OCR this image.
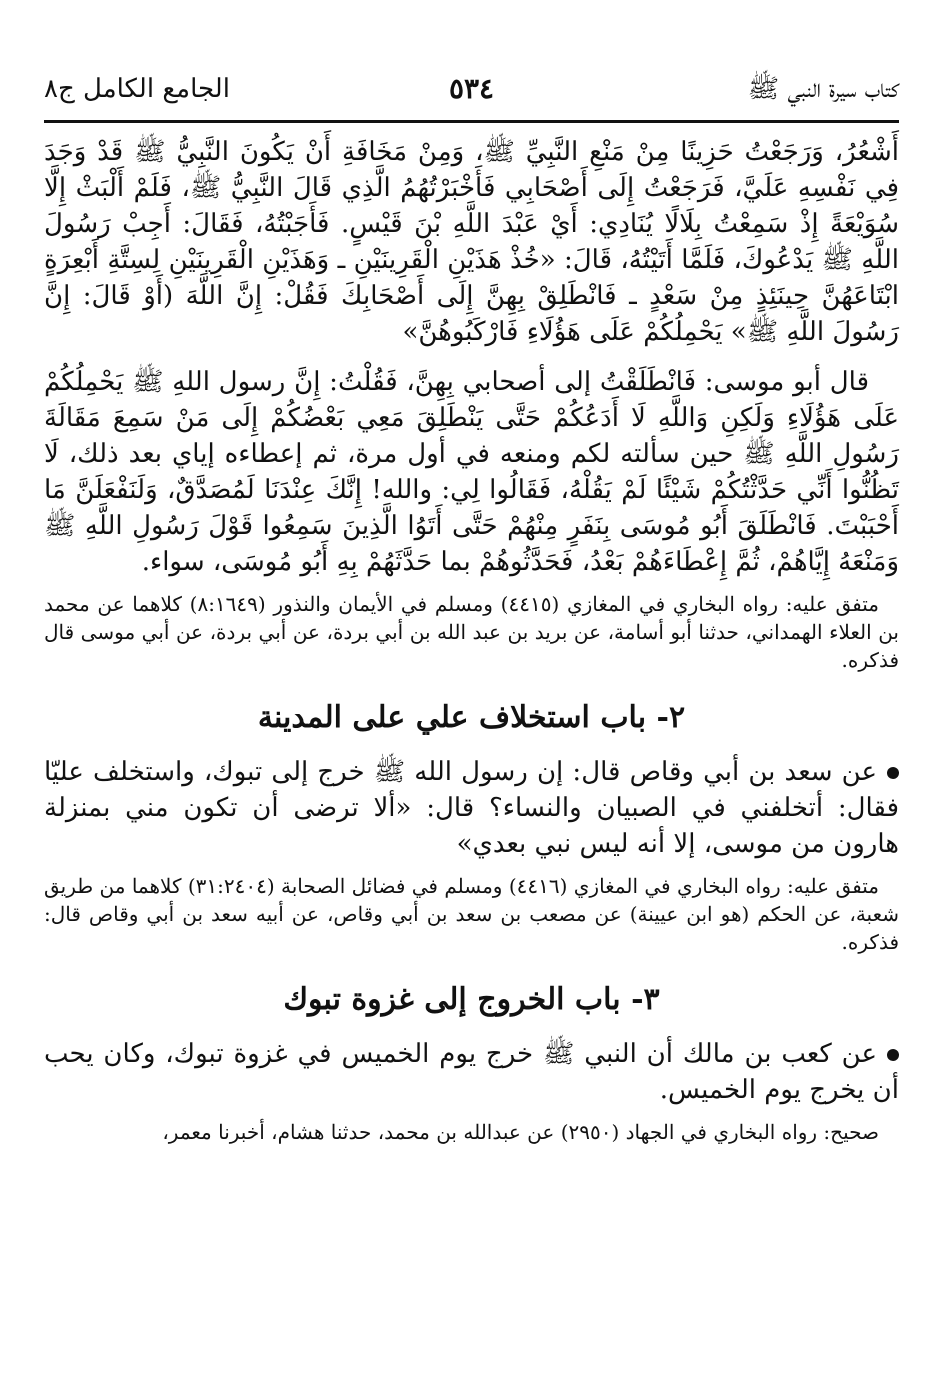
الجامع الكامل ج٨	٥٣٤	كتاب سيرة النبي ﷺ

أَشْعُرُ، وَرَجَعْتُ حَزِينًا مِنْ مَنْعِ النَّبِيِّ ﷺ، وَمِنْ مَخَافَةِ أَنْ يَكُونَ النَّبِيُّ ﷺ قَدْ وَجَدَ فِي نَفْسِهِ عَلَيَّ، فَرَجَعْتُ إِلَى أَصْحَابِي فَأَخْبَرْتُهُمُ الَّذِي قَالَ النَّبِيُّ ﷺ، فَلَمْ أَلْبَثْ إِلَّا سُوَيْعَةً إِذْ سَمِعْتُ بِلَالًا يُنَادِي: أَيْ عَبْدَ اللَّهِ بْنَ قَيْسٍ. فَأَجَبْتُهُ، فَقَالَ: أَجِبْ رَسُولَ اللَّهِ ﷺ يَدْعُوكَ، فَلَمَّا أَتَيْتُهُ، قَالَ: «خُذْ هَذَيْنِ الْقَرِينَيْنِ ـ وَهَذَيْنِ الْقَرِينَيْنِ لِسِتَّةِ أَبْعِرَةٍ ابْتَاعَهُنَّ حِينَئِذٍ مِنْ سَعْدٍ ـ فَانْطَلِقْ بِهِنَّ إِلَى أَصْحَابِكَ فَقُلْ: إِنَّ اللَّهَ (أَوْ قَالَ: إِنَّ رَسُولَ اللَّهِ ﷺ» يَحْمِلُكُمْ عَلَى هَؤُلَاءِ فَارْكَبُوهُنَّ»

قال أبو موسى: فَانْطَلَقْتُ إلى أصحابي بِهِنَّ، فَقُلْتُ: إِنَّ رسول اللهِ ﷺ يَحْمِلُكُمْ عَلَى هَؤُلَاءِ وَلَكِنِ وَاللَّهِ لَا أَدَعُكُمْ حَتَّى يَنْطَلِقَ مَعِي بَعْضُكُمْ إِلَى مَنْ سَمِعَ مَقَالَةَ رَسُولِ اللَّهِ ﷺ حين سألته لكم ومنعه في أول مرة، ثم إعطاءه إياي بعد ذلك، لَا تَظُنُّوا أَنِّي حَدَّثْتُكُمْ شَيْئًا لَمْ يَقُلْهُ، فَقَالُوا لِي: والله! إِنَّكَ عِنْدَنَا لَمُصَدَّقٌ، وَلَنَفْعَلَنَّ مَا أَحْبَبْتَ. فَانْطَلَقَ أَبُو مُوسَى بِنَفَرٍ مِنْهُمْ حَتَّى أَتَوُا الَّذِينَ سَمِعُوا قَوْلَ رَسُولِ اللَّهِ ﷺ وَمَنْعَهُ إِيَّاهُمْ، ثُمَّ إِعْطَاءَهُمْ بَعْدُ، فَحَدَّثُوهُمْ بما حَدَّثَهُمْ بِهِ أَبُو مُوسَى، سواء.

متفق عليه: رواه البخاري في المغازي (٤٤١٥) ومسلم في الأيمان والنذور (٨:١٦٤٩) كلاهما عن محمد بن العلاء الهمداني، حدثنا أبو أسامة، عن بريد بن عبد الله بن أبي بردة، عن أبي بردة، عن أبي موسى قال فذكره.

٢- باب استخلاف علي على المدينة

عن سعد بن أبي وقاص قال: إن رسول الله ﷺ خرج إلى تبوك، واستخلف عليّا فقال: أتخلفني في الصبيان والنساء؟ قال: «ألا ترضى أن تكون مني بمنزلة هارون من موسى، إلا أنه ليس نبي بعدي»

متفق عليه: رواه البخاري في المغازي (٤٤١٦) ومسلم في فضائل الصحابة (٣١:٢٤٠٤) كلاهما من طريق شعبة، عن الحكم (هو ابن عيينة) عن مصعب بن سعد بن أبي وقاص، عن أبيه سعد بن أبي وقاص قال: فذكره.

٣- باب الخروج إلى غزوة تبوك

عن كعب بن مالك أن النبي ﷺ خرج يوم الخميس في غزوة تبوك، وكان يحب أن يخرج يوم الخميس.

صحيح: رواه البخاري في الجهاد (٢٩٥٠) عن عبدالله بن محمد، حدثنا هشام، أخبرنا معمر،
